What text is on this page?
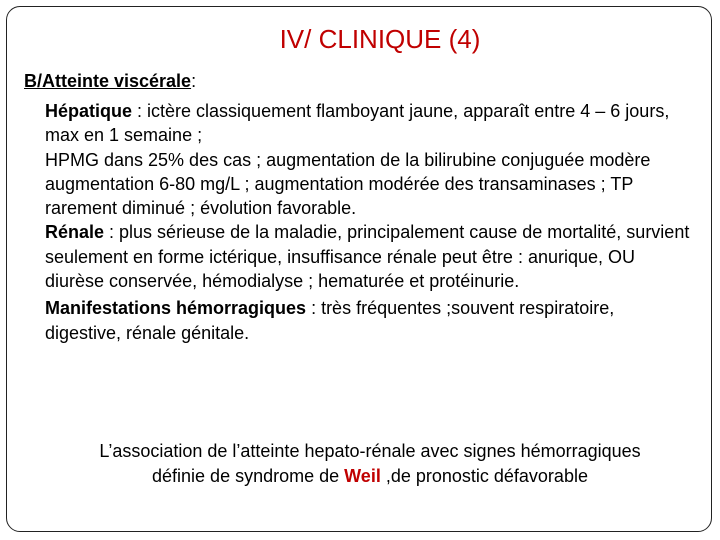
IV/ CLINIQUE (4)

B/Atteinte viscérale:

Hépatique : ictère classiquement flamboyant jaune, apparaît entre 4 – 6 jours, max en 1 semaine ;

HPMG dans 25% des cas ; augmentation de la bilirubine conjuguée modère augmentation 6-80 mg/L ; augmentation modérée des transaminases ; TP rarement diminué ; évolution favorable.

Rénale : plus sérieuse de la maladie, principalement cause de mortalité, survient seulement en forme ictérique, insuffisance rénale peut être : anurique, OU diurèse conservée, hémodialyse ; hematurée et protéinurie.

Manifestations hémorragiques : très fréquentes ;souvent respiratoire, digestive, rénale génitale.

L’association de l’atteinte hepato-rénale avec signes hémorragiques définie de syndrome de Weil ,de pronostic défavorable
